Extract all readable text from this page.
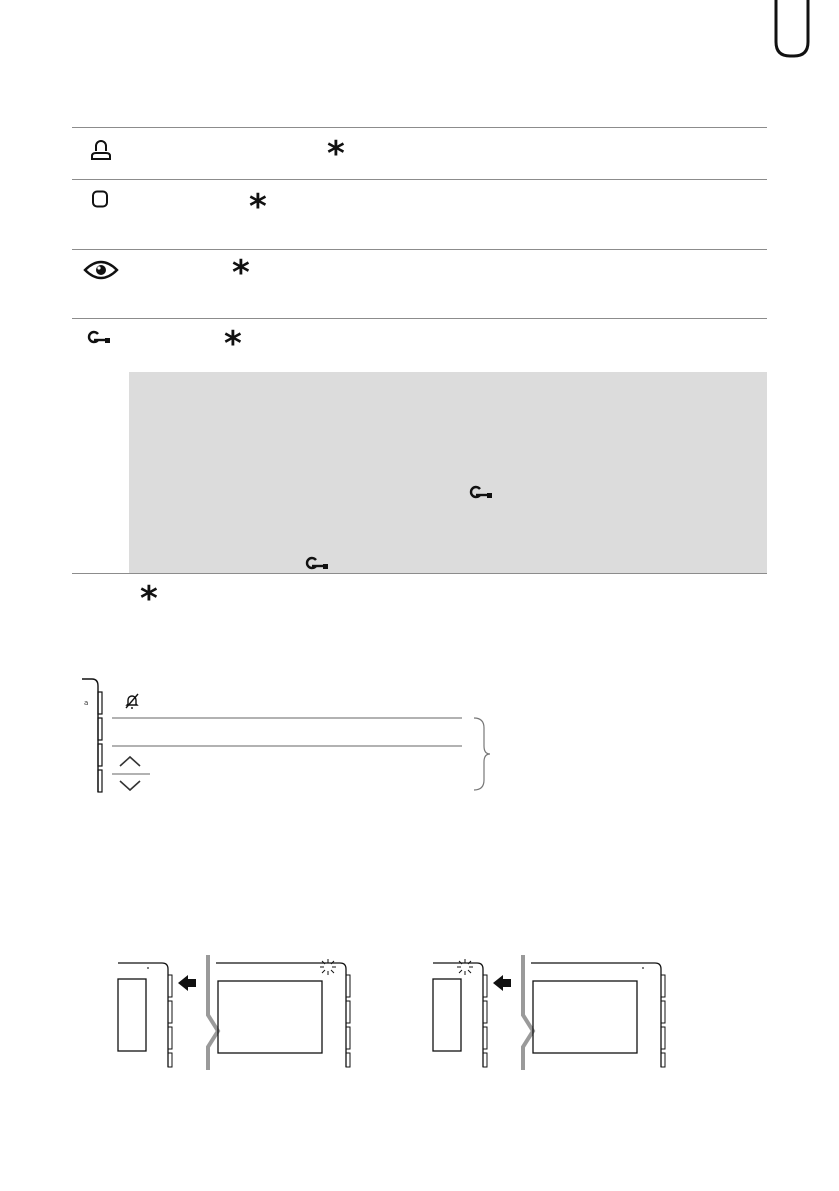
*
*
*
*
*
a
